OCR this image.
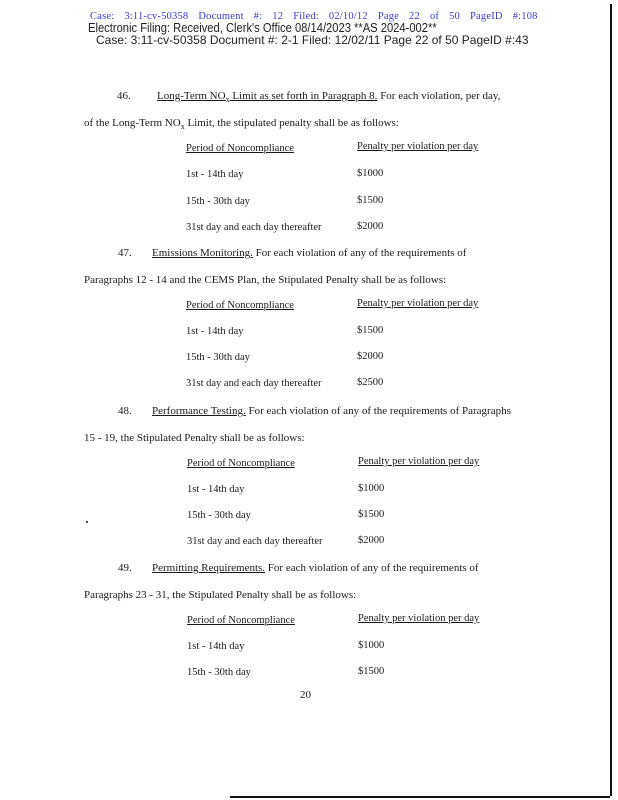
Case: 3:11-cv-50358 Document #: 12 Filed: 02/10/12 Page 22 of 50 PageID #:108
Electronic Filing: Received, Clerk's Office 08/14/2023 **AS 2024-002**
Case: 3:11-cv-50358 Document #: 2-1 Filed: 12/02/11 Page 22 of 50 PageID #:43
46. Long-Term $NO_x$ Limit as set forth in Paragraph 8. For each violation, per day,
of the Long-Term $NO_x$ Limit, the stipulated penalty shall be as follows:
Period of Noncompliance	Penalty per violation per day
1st - 14th day	$1000
15th - 30th day	$1500
31st day and each day thereafter	$2000
47. Emissions Monitoring. For each violation of any of the requirements of
Paragraphs 12 - 14 and the CEMS Plan, the Stipulated Penalty shall be as follows:
Period of Noncompliance	Penalty per violation per day
1st - 14th day	$1500
15th - 30th day	$2000
31st day and each day thereafter	$2500
48. Performance Testing. For each violation of any of the requirements of Paragraphs
15 - 19, the Stipulated Penalty shall be as follows:
Period of Noncompliance	Penalty per violation per day
1st - 14th day	$1000
15th - 30th day	$1500
31st day and each day thereafter	$2000
49. Permitting Requirements. For each violation of any of the requirements of
Paragraphs 23 - 31, the Stipulated Penalty shall be as follows:
Period of Noncompliance	Penalty per violation per day
1st - 14th day	$1000
15th - 30th day	$1500
20
